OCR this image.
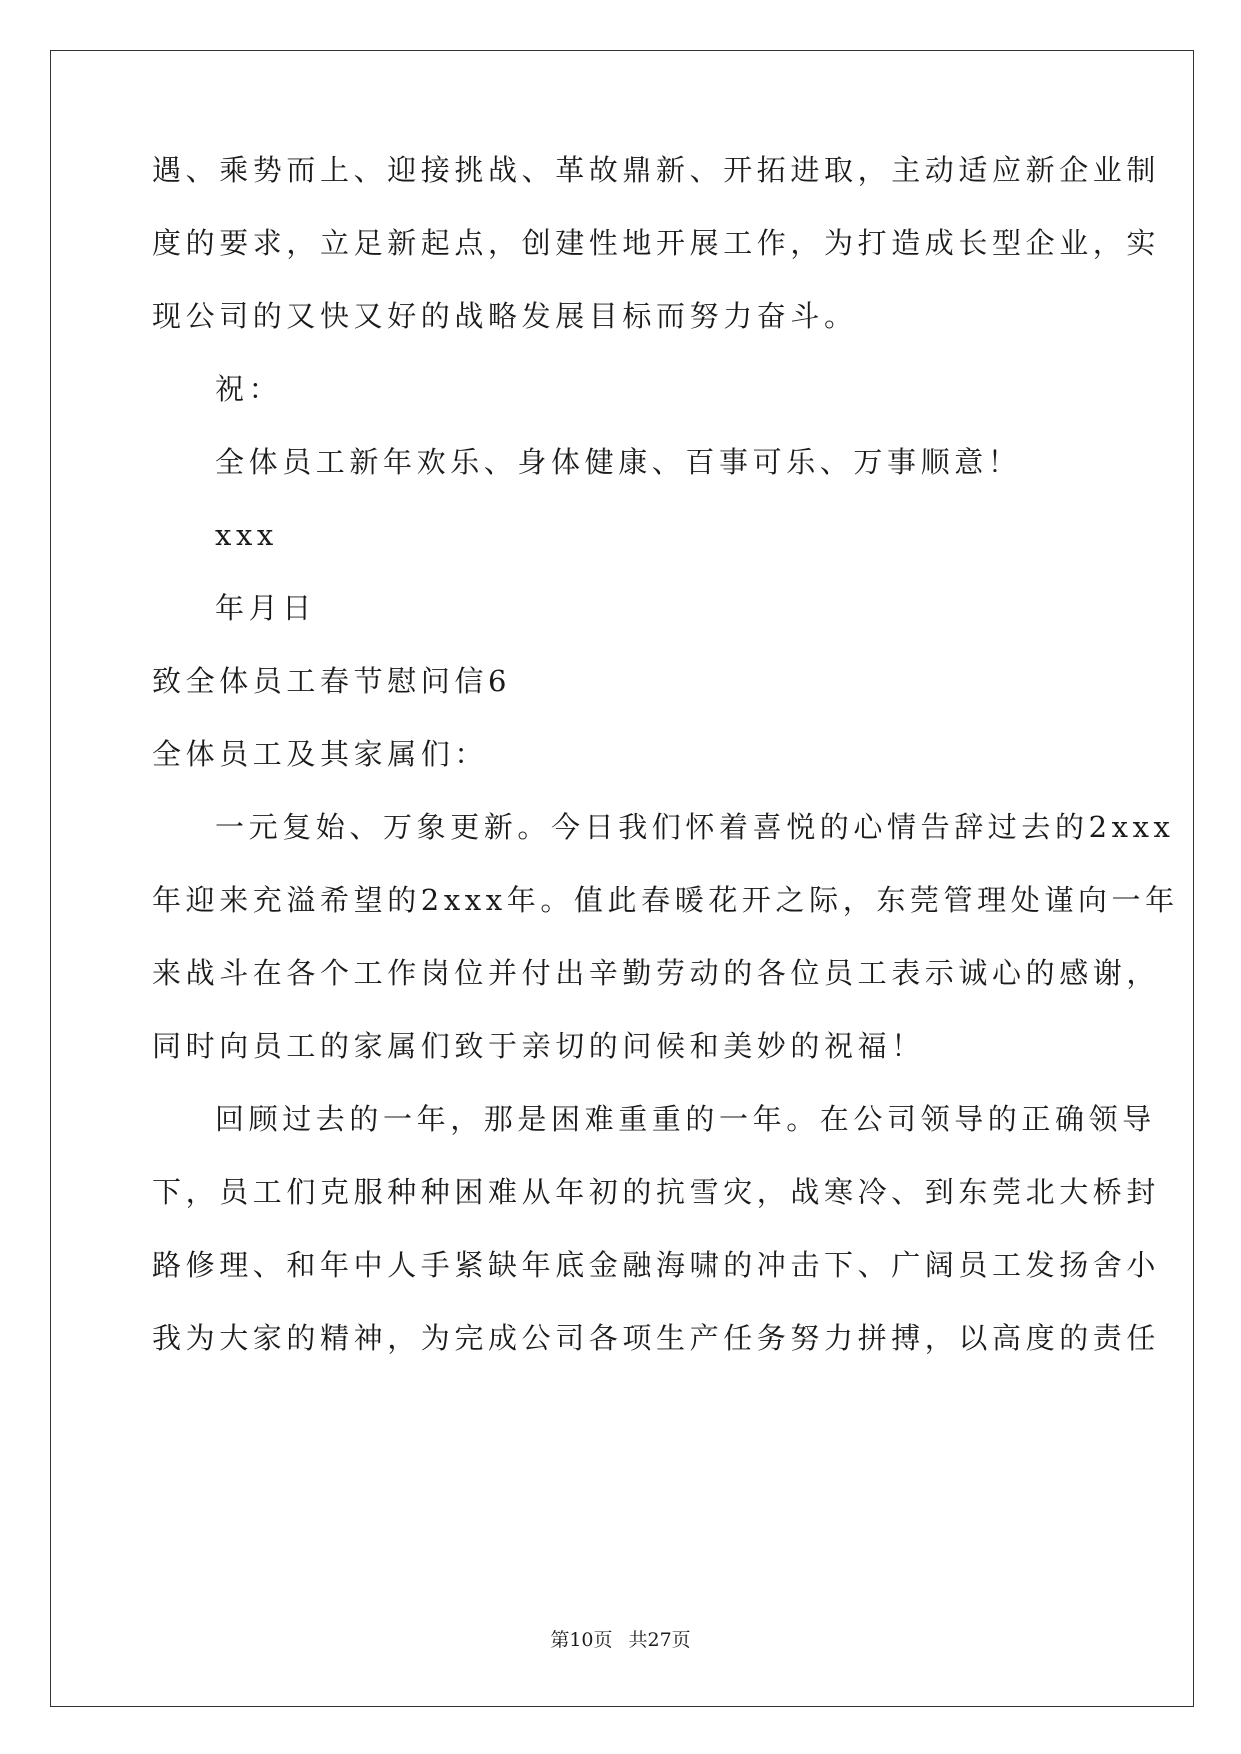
遇、乘势而上、迎接挑战、革故鼎新、开拓进取，主动适应新企业制
度的要求，立足新起点，创建性地开展工作，为打造成长型企业，实
现公司的又快又好的战略发展目标而努力奋斗。
祝：
全体员工新年欢乐、身体健康、百事可乐、万事顺意！
xxx
年月日
致全体员工春节慰问信6
全体员工及其家属们：
一元复始、万象更新。今日我们怀着喜悦的心情告辞过去的2xxx
年迎来充溢希望的2xxx年。值此春暖花开之际，东莞管理处谨向一年
来战斗在各个工作岗位并付出辛勤劳动的各位员工表示诚心的感谢，
同时向员工的家属们致于亲切的问候和美妙的祝福！
回顾过去的一年，那是困难重重的一年。在公司领导的正确领导
下，员工们克服种种困难从年初的抗雪灾，战寒冷、到东莞北大桥封
路修理、和年中人手紧缺年底金融海啸的冲击下、广阔员工发扬舍小
我为大家的精神，为完成公司各项生产任务努力拼搏，以高度的责任
第10页 共27页
